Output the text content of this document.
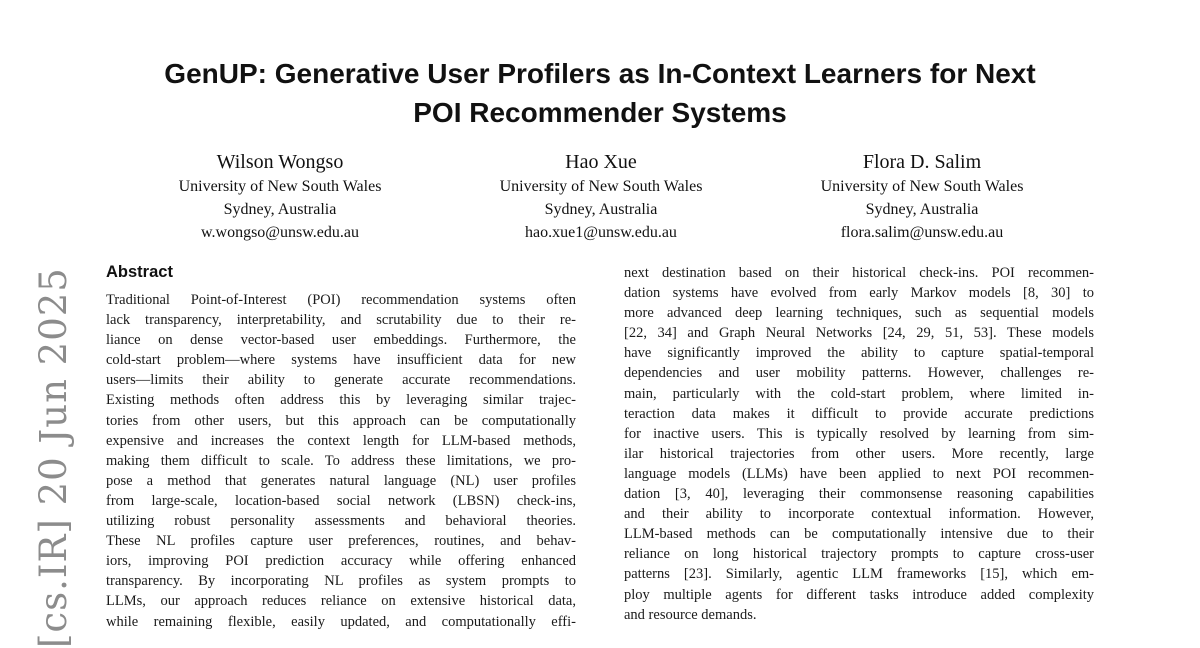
[cs.IR] 20 Jun 2025
GenUP: Generative User Profilers as In-Context Learners for Next
POI Recommender Systems
Wilson Wongso
University of New South Wales
Sydney, Australia
w.wongso@unsw.edu.au
Hao Xue
University of New South Wales
Sydney, Australia
hao.xue1@unsw.edu.au
Flora D. Salim
University of New South Wales
Sydney, Australia
flora.salim@unsw.edu.au
Abstract
Traditional Point-of-Interest (POI) recommendation systems often
lack transparency, interpretability, and scrutability due to their re-
liance on dense vector-based user embeddings. Furthermore, the
cold-start problem—where systems have insufficient data for new
users—limits their ability to generate accurate recommendations.
Existing methods often address this by leveraging similar trajec-
tories from other users, but this approach can be computationally
expensive and increases the context length for LLM-based methods,
making them difficult to scale. To address these limitations, we pro-
pose a method that generates natural language (NL) user profiles
from large-scale, location-based social network (LBSN) check-ins,
utilizing robust personality assessments and behavioral theories.
These NL profiles capture user preferences, routines, and behav-
iors, improving POI prediction accuracy while offering enhanced
transparency. By incorporating NL profiles as system prompts to
LLMs, our approach reduces reliance on extensive historical data,
while remaining flexible, easily updated, and computationally effi-
next destination based on their historical check-ins. POI recommen-
dation systems have evolved from early Markov models [8, 30] to
more advanced deep learning techniques, such as sequential models
[22, 34] and Graph Neural Networks [24, 29, 51, 53]. These models
have significantly improved the ability to capture spatial-temporal
dependencies and user mobility patterns. However, challenges re-
main, particularly with the cold-start problem, where limited in-
teraction data makes it difficult to provide accurate predictions
for inactive users. This is typically resolved by learning from sim-
ilar historical trajectories from other users. More recently, large
language models (LLMs) have been applied to next POI recommen-
dation [3, 40], leveraging their commonsense reasoning capabilities
and their ability to incorporate contextual information. However,
LLM-based methods can be computationally intensive due to their
reliance on long historical trajectory prompts to capture cross-user
patterns [23]. Similarly, agentic LLM frameworks [15], which em-
ploy multiple agents for different tasks introduce added complexity
and resource demands.
